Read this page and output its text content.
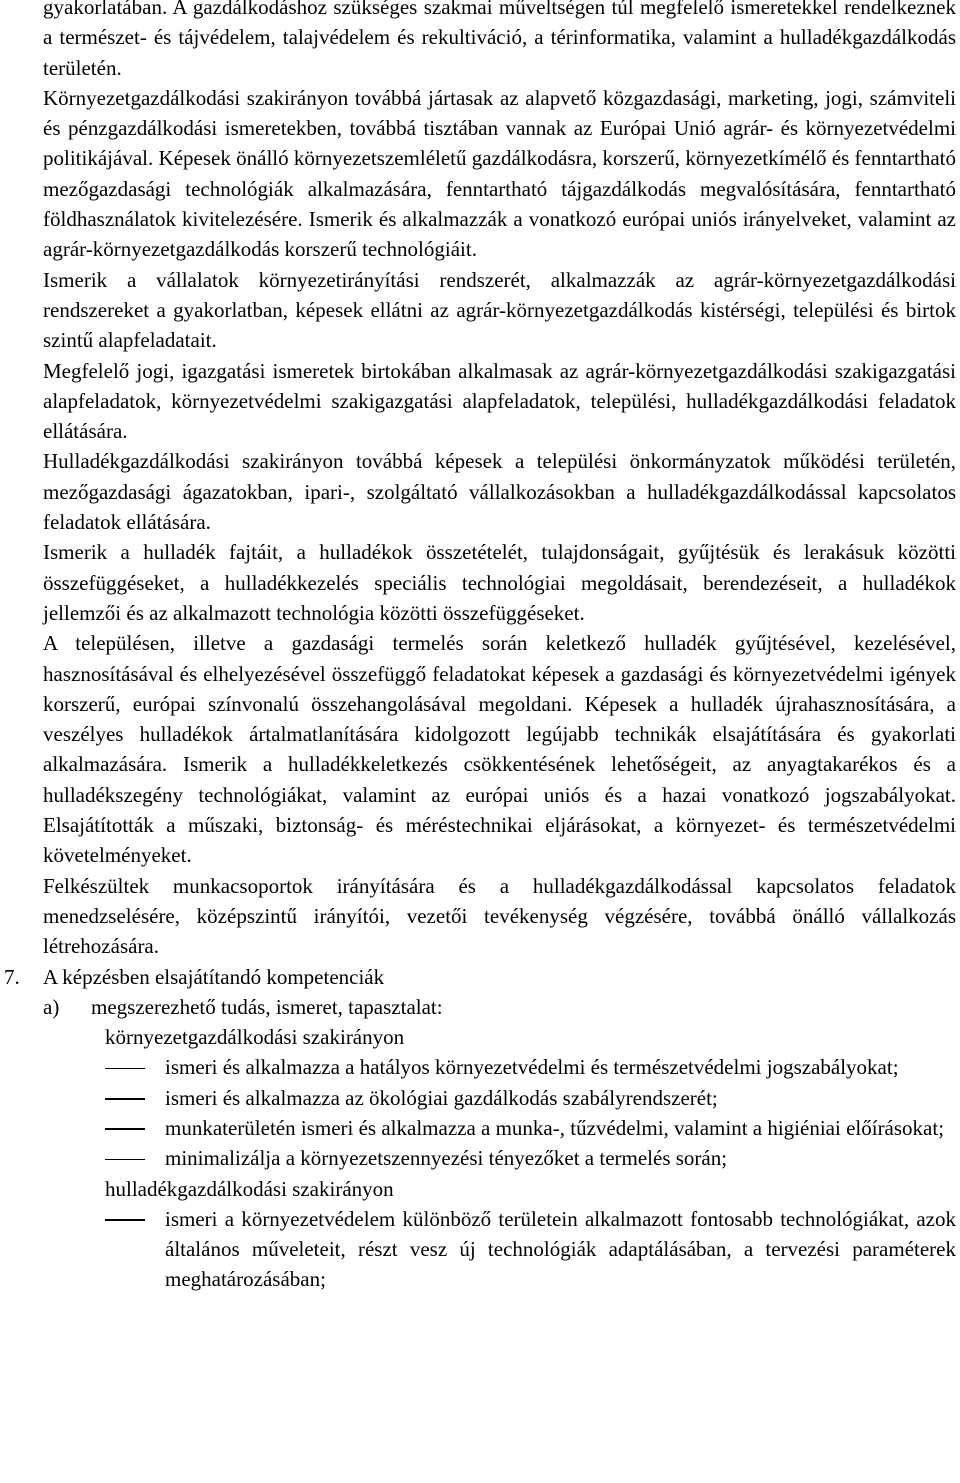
gyakorlatában. A gazdálkodáshoz szükséges szakmai műveltségen túl megfelelő ismeretekkel rendelkeznek a természet- és tájvédelem, talajvédelem és rekultiváció, a térinformatika, valamint a hulladékgazdálkodás területén.

Környezetgazdálkodási szakirányon továbbá jártasak az alapvető közgazdasági, marketing, jogi, számviteli és pénzgazdálkodási ismeretekben, továbbá tisztában vannak az Európai Unió agrár- és környezetvédelmi politikájával. Képesek önálló környezetszemléletű gazdálkodásra, korszerű, környezetkímélő és fenntartható mezőgazdasági technológiák alkalmazására, fenntartható tájgazdálkodás megvalósítására, fenntartható földhasználatok kivitelezésére. Ismerik és alkalmazzák a vonatkozó európai uniós irányelveket, valamint az agrár-környezetgazdálkodás korszerű technológiáit.

Ismerik a vállalatok környezetirányítási rendszerét, alkalmazzák az agrár-környezetgazdálkodási rendszereket a gyakorlatban, képesek ellátni az agrár-környezetgazdálkodás kistérségi, települési és birtok szintű alapfeladatait.

Megfelelő jogi, igazgatási ismeretek birtokában alkalmasak az agrár-környezetgazdálkodási szakigazgatási alapfeladatok, környezetvédelmi szakigazgatási alapfeladatok, települési, hulladékgazdálkodási feladatok ellátására.

Hulladékgazdálkodási szakirányon továbbá képesek a települési önkormányzatok működési területén, mezőgazdasági ágazatokban, ipari-, szolgáltató vállalkozásokban a hulladékgazdálkodással kapcsolatos feladatok ellátására.

Ismerik a hulladék fajtáit, a hulladékok összetételét, tulajdonságait, gyűjtésük és lerakásuk közötti összefüggéseket, a hulladékkezelés speciális technológiai megoldásait, berendezéseit, a hulladékok jellemzői és az alkalmazott technológia közötti összefüggéseket.

A településen, illetve a gazdasági termelés során keletkező hulladék gyűjtésével, kezelésével, hasznosításával és elhelyezésével összefüggő feladatokat képesek a gazdasági és környezetvédelmi igények korszerű, európai színvonalú összehangolásával megoldani. Képesek a hulladék újrahasznosítására, a veszélyes hulladékok ártalmatlanítására kidolgozott legújabb technikák elsajátítására és gyakorlati alkalmazására. Ismerik a hulladékkeletkezés csökkentésének lehetőségeit, az anyagtakarékos és a hulladékszegény technológiákat, valamint az európai uniós és a hazai vonatkozó jogszabályokat. Elsajátították a műszaki, biztonság- és méréstechnikai eljárásokat, a környezet- és természetvédelmi követelményeket.

Felkészültek munkacsoportok irányítására és a hulladékgazdálkodással kapcsolatos feladatok menedzselésére, középszintű irányítói, vezetői tevékenység végzésére, továbbá önálló vállalkozás létrehozására.

7. A képzésben elsajátítandó kompetenciák

a) megszerezhető tudás, ismeret, tapasztalat:

környezetgazdálkodási szakirányon

ismeri és alkalmazza a hatályos környezetvédelmi és természetvédelmi jogszabályokat;

ismeri és alkalmazza az ökológiai gazdálkodás szabályrendszerét;

munkaterületén ismeri és alkalmazza a munka-, tűzvédelmi, valamint a higiéniai előírásokat;

minimalizálja a környezetszennyezési tényezőket a termelés során;

hulladékgazdálkodási szakirányon

ismeri a környezetvédelem különböző területein alkalmazott fontosabb technológiákat, azok általános műveleteit, részt vesz új technológiák adaptálásában, a tervezési paraméterek meghatározásában;
